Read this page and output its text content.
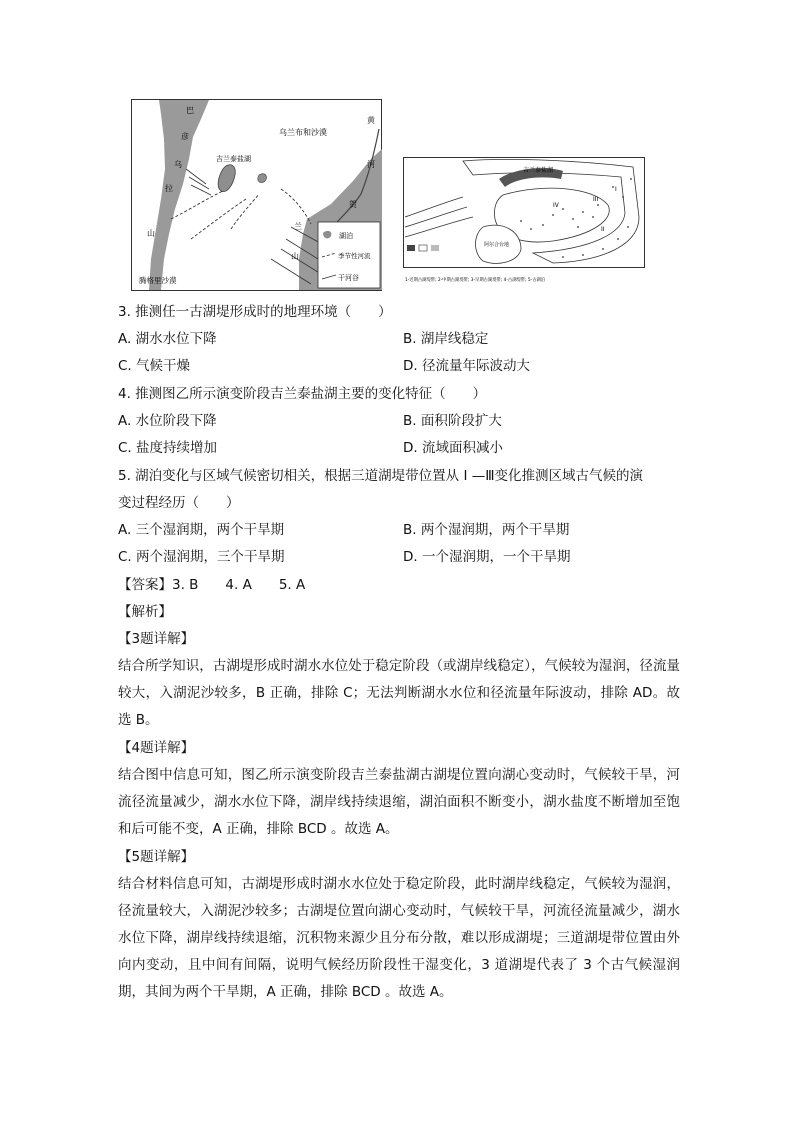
乌兰布和沙漠
吉兰泰盐湖
黄
河
贺
兰
山
巴
彦
乌
拉
山
腾格里沙漠
湖泊
季节性河流
干河谷
阿尔合台地
吉兰泰盐湖
I
II
III
IV
1-近期古湖堤带; 2-中期古湖堤带; 3-早期古湖堤带; 4-古湖堤带; 5-古湖泊
3. 推测任一古湖堤形成时的地理环境（　　）
A. 湖水水位下降	B. 湖岸线稳定
C. 气候干燥	D. 径流量年际波动大
4. 推测图乙所示演变阶段吉兰泰盐湖主要的变化特征（　　）
A. 水位阶段下降	B. 面积阶段扩大
C. 盐度持续增加	D. 流域面积减小
5. 湖泊变化与区域气候密切相关，根据三道湖堤带位置从 I —Ⅲ变化推测区域古气候的演
变过程经历（　　）
A. 三个湿润期，两个干旱期	B. 两个湿润期，两个干旱期
C. 两个湿润期，三个干旱期	D. 一个湿润期，一个干旱期
【答案】3. B　　4. A　　5. A
【解析】
【3题详解】
结合所学知识，古湖堤形成时湖水水位处于稳定阶段（或湖岸线稳定），气候较为湿润，径流量较大，入湖泥沙较多，B 正确，排除 C；无法判断湖水水位和径流量年际波动，排除 AD。故选 B。
【4题详解】
结合图中信息可知，图乙所示演变阶段吉兰泰盐湖古湖堤位置向湖心变动时，气候较干旱，河流径流量减少，湖水水位下降，湖岸线持续退缩，湖泊面积不断变小，湖水盐度不断增加至饱和后可能不变，A 正确，排除 BCD 。故选 A。
【5题详解】
结合材料信息可知，古湖堤形成时湖水水位处于稳定阶段，此时湖岸线稳定，气候较为湿润，径流量较大，入湖泥沙较多；古湖堤位置向湖心变动时，气候较干旱，河流径流量减少，湖水水位下降，湖岸线持续退缩，沉积物来源少且分布分散，难以形成湖堤；三道湖堤带位置由外向内变动，且中间有间隔，说明气候经历阶段性干湿变化，3 道湖堤代表了 3 个古气候湿润期，其间为两个干旱期，A 正确，排除 BCD 。故选 A。
